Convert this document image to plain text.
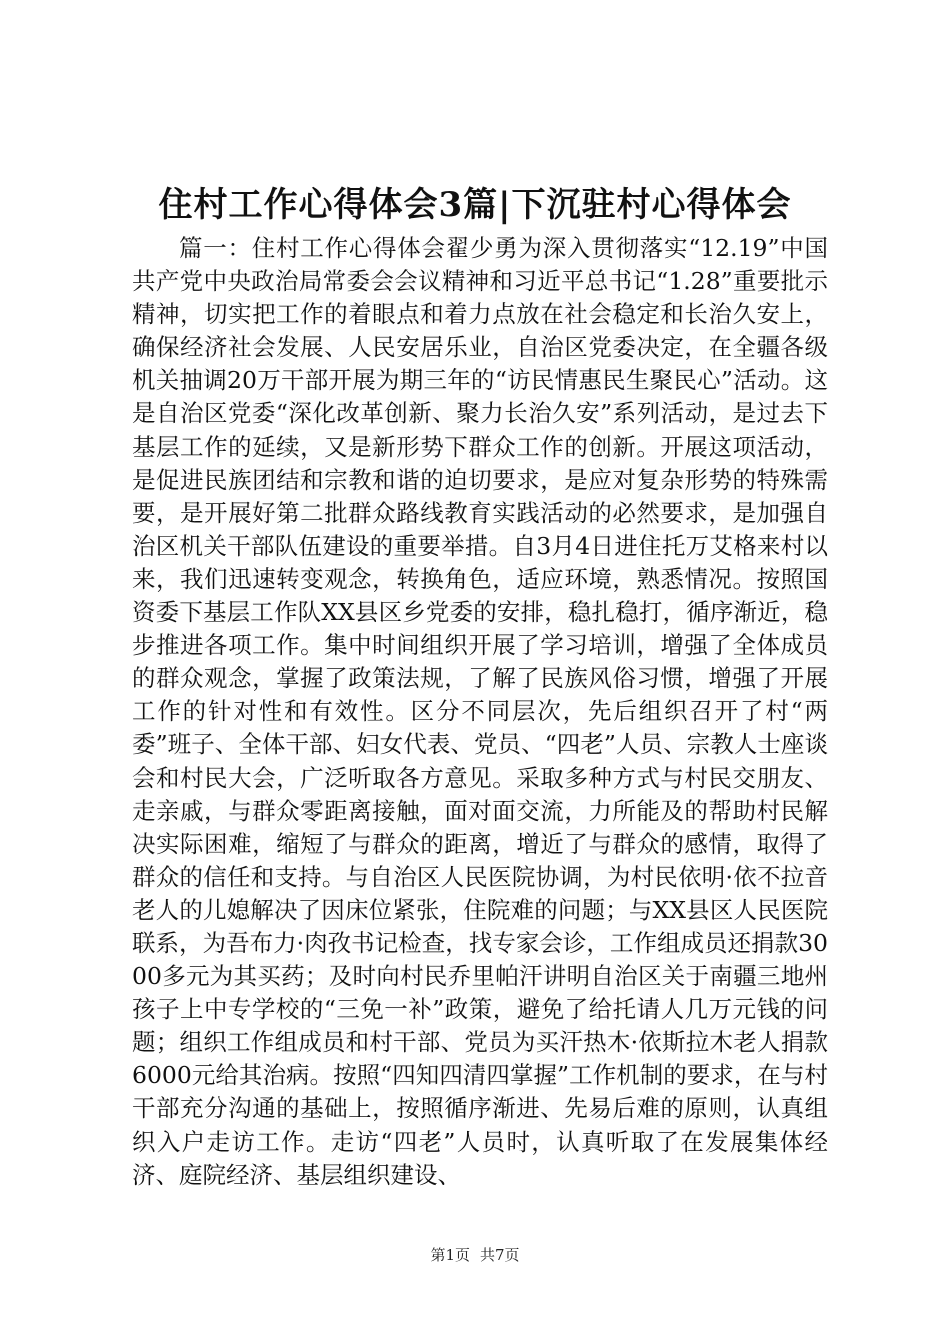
住村工作心得体会3篇|下沉驻村心得体会

篇一：住村工作心得体会翟少勇为深入贯彻落实“12.19”中国共产党中央政治局常委会会议精神和习近平总书记“1.28”重要批示精神，切实把工作的着眼点和着力点放在社会稳定和长治久安上，确保经济社会发展、人民安居乐业，自治区党委决定，在全疆各级机关抽调20万干部开展为期三年的“访民情惠民生聚民心”活动。这是自治区党委“深化改革创新、聚力长治久安”系列活动，是过去下基层工作的延续，又是新形势下群众工作的创新。开展这项活动，是促进民族团结和宗教和谐的迫切要求，是应对复杂形势的特殊需要，是开展好第二批群众路线教育实践活动的必然要求，是加强自治区机关干部队伍建设的重要举措。自3月4日进住托万艾格来村以来，我们迅速转变观念，转换角色，适应环境，熟悉情况。按照国资委下基层工作队XX县区乡党委的安排，稳扎稳打，循序渐近，稳步推进各项工作。集中时间组织开展了学习培训，增强了全体成员的群众观念，掌握了政策法规，了解了民族风俗习惯，增强了开展工作的针对性和有效性。区分不同层次，先后组织召开了村“两委”班子、全体干部、妇女代表、党员、“四老”人员、宗教人士座谈会和村民大会，广泛听取各方意见。采取多种方式与村民交朋友、走亲戚，与群众零距离接触，面对面交流，力所能及的帮助村民解决实际困难，缩短了与群众的距离，增近了与群众的感情，取得了群众的信任和支持。与自治区人民医院协调，为村民依明·依不拉音老人的儿媳解决了因床位紧张，住院难的问题；与XX县区人民医院联系，为吾布力·肉孜书记检查，找专家会诊，工作组成员还捐款3000多元为其买药；及时向村民乔里帕汗讲明自治区关于南疆三地州孩子上中专学校的“三免一补”政策，避免了给托请人几万元钱的问题；组织工作组成员和村干部、党员为买汗热木·依斯拉木老人捐款6000元给其治病。按照“四知四清四掌握”工作机制的要求，在与村干部充分沟通的基础上，按照循序渐进、先易后难的原则，认真组织入户走访工作。走访“四老”人员时，认真听取了在发展集体经济、庭院经济、基层组织建设、

第1页 共7页
